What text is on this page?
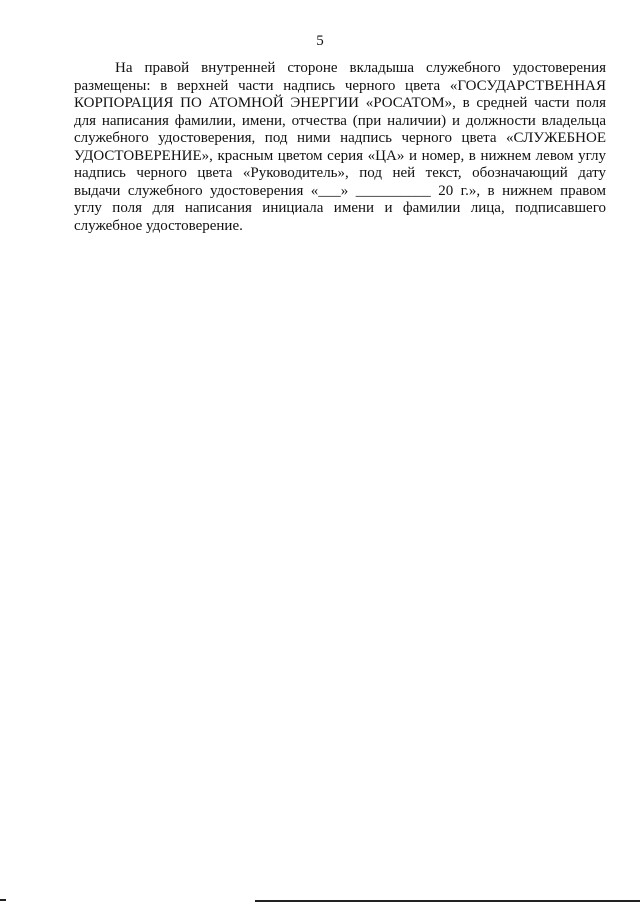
5
На правой внутренней стороне вкладыша служебного удостоверения
размещены: в верхней части надпись черного цвета «ГОСУДАРСТВЕННАЯ
КОРПОРАЦИЯ ПО АТОМНОЙ ЭНЕРГИИ «РОСАТОМ», в средней части поля
для написания фамилии, имени, отчества (при наличии) и должности владельца
служебного удостоверения, под ними надпись черного цвета «СЛУЖЕБНОЕ
УДОСТОВЕРЕНИЕ», красным цветом серия «ЦА» и номер, в нижнем левом углу
надпись черного цвета «Руководитель», под ней текст, обозначающий дату
выдачи служебного удостоверения «___» __________ 20 г.», в нижнем правом
углу поля для написания инициала имени и фамилии лица, подписавшего
служебное удостоверение.
